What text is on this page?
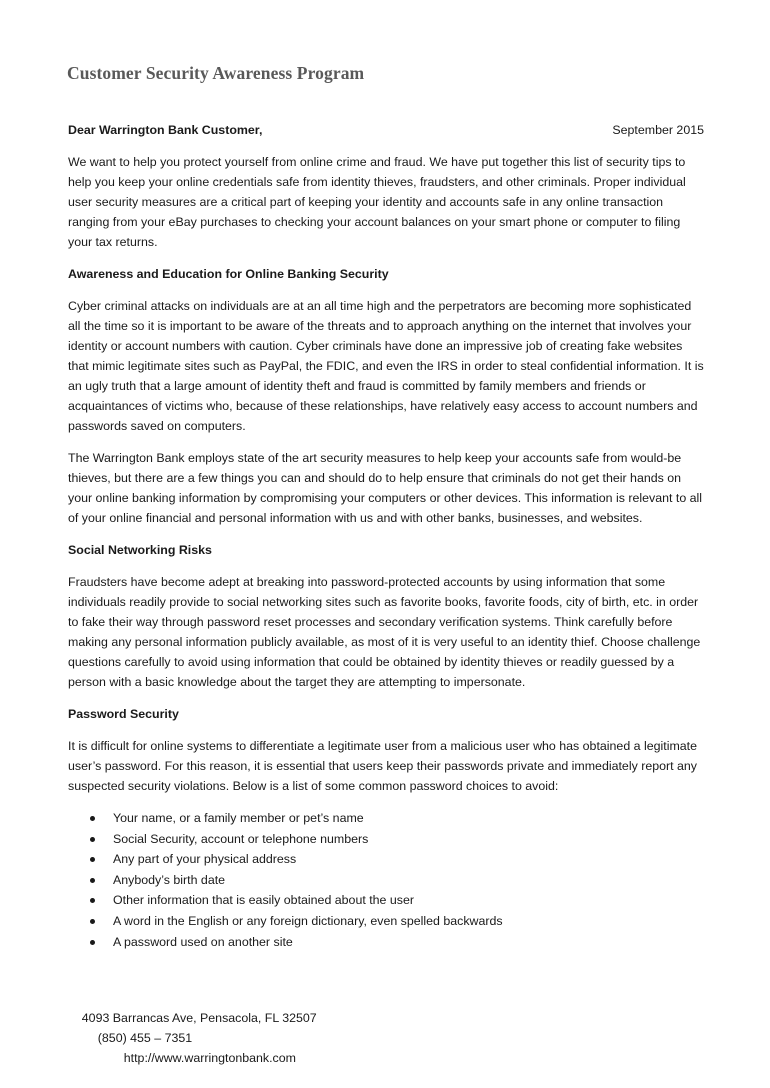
Customer Security Awareness Program
Dear Warrington Bank Customer,	September 2015

We want to help you protect yourself from online crime and fraud. We have put together this list of security tips to help you keep your online credentials safe from identity thieves, fraudsters, and other criminals. Proper individual user security measures are a critical part of keeping your identity and accounts safe in any online transaction ranging from your eBay purchases to checking your account balances on your smart phone or computer to filing your tax returns.

Awareness and Education for Online Banking Security

Cyber criminal attacks on individuals are at an all time high and the perpetrators are becoming more sophisticated all the time so it is important to be aware of the threats and to approach anything on the internet that involves your identity or account numbers with caution. Cyber criminals have done an impressive job of creating fake websites that mimic legitimate sites such as PayPal, the FDIC, and even the IRS in order to steal confidential information. It is an ugly truth that a large amount of identity theft and fraud is committed by family members and friends or acquaintances of victims who, because of these relationships, have relatively easy access to account numbers and passwords saved on computers.

The Warrington Bank employs state of the art security measures to help keep your accounts safe from would-be thieves, but there are a few things you can and should do to help ensure that criminals do not get their hands on your online banking information by compromising your computers or other devices. This information is relevant to all of your online financial and personal information with us and with other banks, businesses, and websites.

Social Networking Risks

Fraudsters have become adept at breaking into password-protected accounts by using information that some individuals readily provide to social networking sites such as favorite books, favorite foods, city of birth, etc. in order to fake their way through password reset processes and secondary verification systems. Think carefully before making any personal information publicly available, as most of it is very useful to an identity thief. Choose challenge questions carefully to avoid using information that could be obtained by identity thieves or readily guessed by a person with a basic knowledge about the target they are attempting to impersonate.

Password Security

It is difficult for online systems to differentiate a legitimate user from a malicious user who has obtained a legitimate user’s password. For this reason, it is essential that users keep their passwords private and immediately report any suspected security violations. Below is a list of some common password choices to avoid:

Your name, or a family member or pet’s name
Social Security, account or telephone numbers
Any part of your physical address
Anybody’s birth date
Other information that is easily obtained about the user
A word in the English or any foreign dictionary, even spelled backwards
A password used on another site

4093 Barrancas Ave, Pensacola, FL 32507
(850) 455 – 7351
http://www.warringtonbank.com
